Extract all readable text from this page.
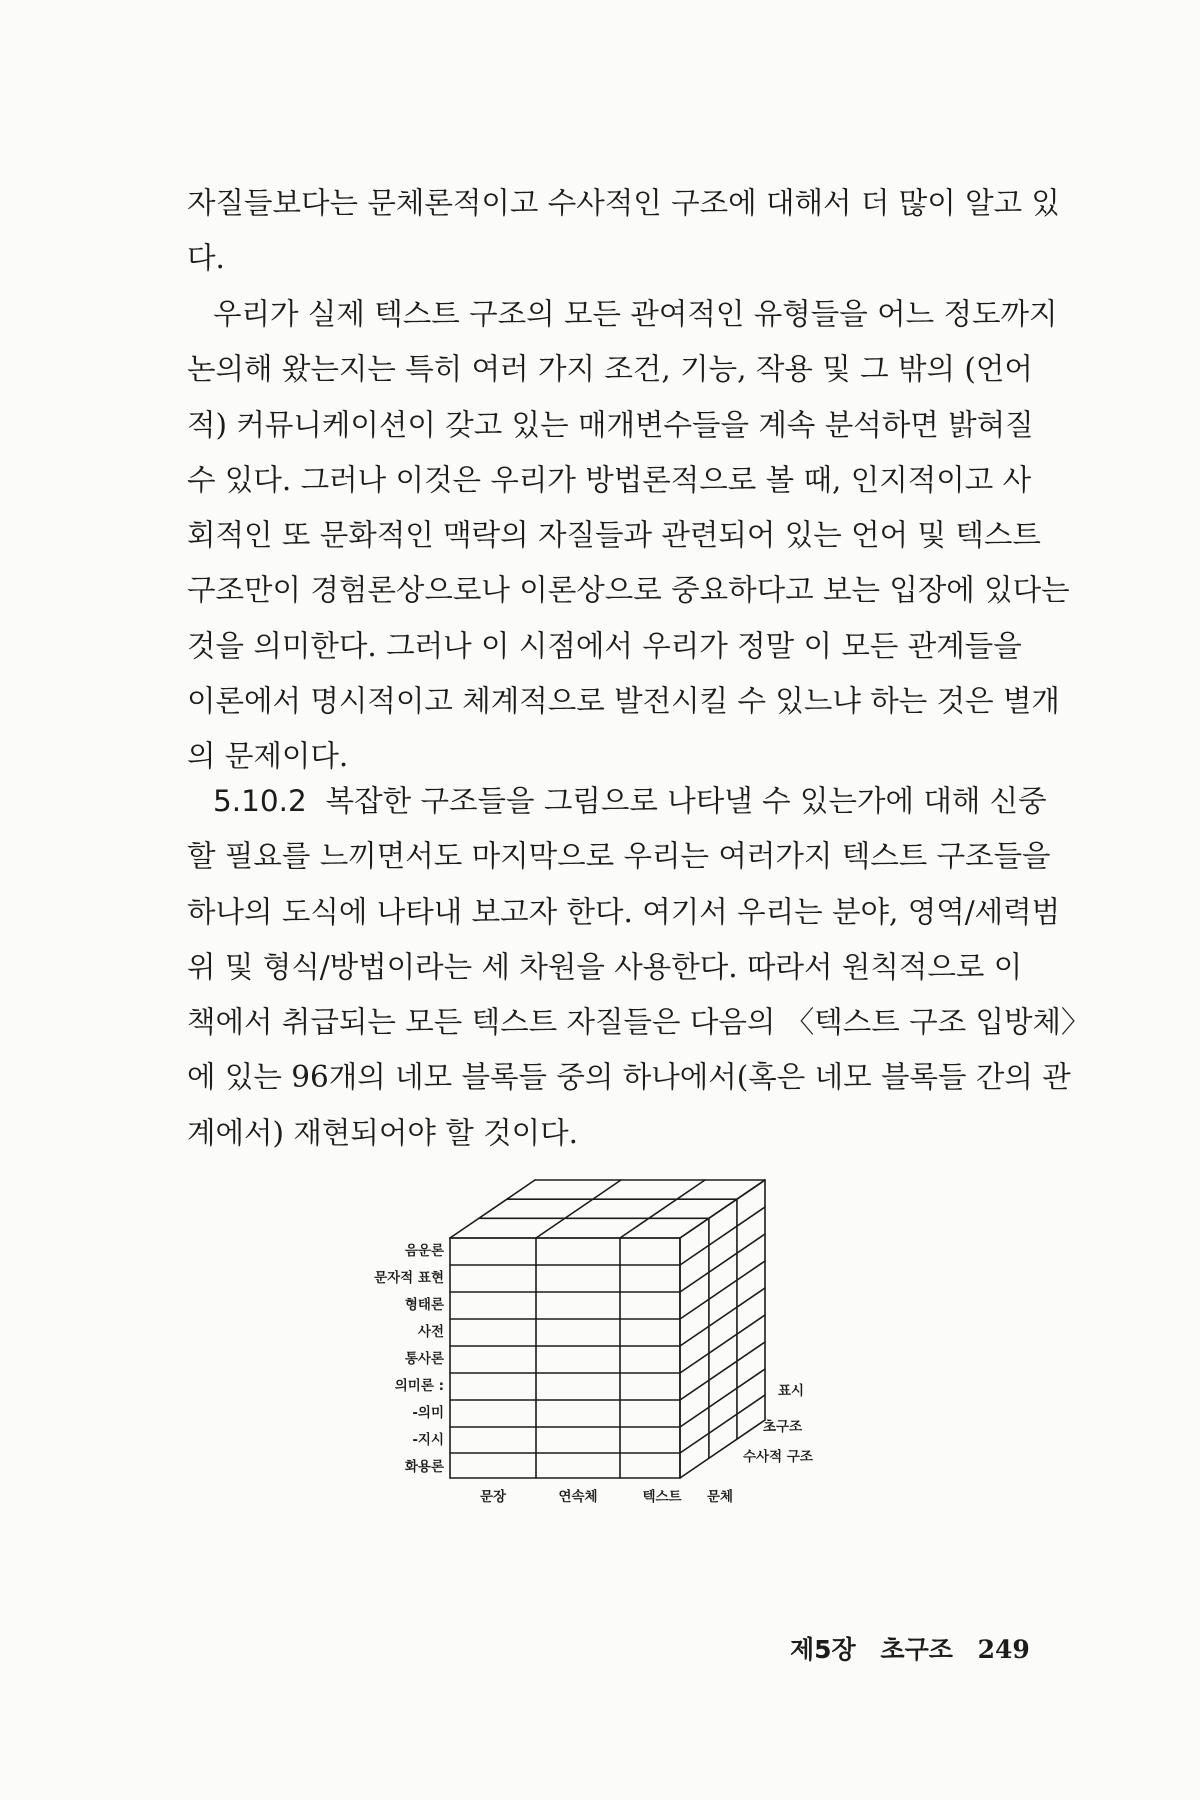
자질들보다는 문체론적이고 수사적인 구조에 대해서 더 많이 알고 있
다.
우리가 실제 텍스트 구조의 모든 관여적인 유형들을 어느 정도까지
논의해 왔는지는 특히 여러 가지 조건, 기능, 작용 및 그 밖의 (언어
적) 커뮤니케이션이 갖고 있는 매개변수들을 계속 분석하면 밝혀질
수 있다. 그러나 이것은 우리가 방법론적으로 볼 때, 인지적이고 사
회적인 또 문화적인 맥락의 자질들과 관련되어 있는 언어 및 텍스트
구조만이 경험론상으로나 이론상으로 중요하다고 보는 입장에 있다는
것을 의미한다. 그러나 이 시점에서 우리가 정말 이 모든 관계들을
이론에서 명시적이고 체계적으로 발전시킬 수 있느냐 하는 것은 별개
의 문제이다.
5.10.2 복잡한 구조들을 그림으로 나타낼 수 있는가에 대해 신중
할 필요를 느끼면서도 마지막으로 우리는 여러가지 텍스트 구조들을
하나의 도식에 나타내 보고자 한다. 여기서 우리는 분야, 영역/세력범
위 및 형식/방법이라는 세 차원을 사용한다. 따라서 원칙적으로 이
책에서 취급되는 모든 텍스트 자질들은 다음의 〈텍스트 구조 입방체〉
에 있는 96개의 네모 블록들 중의 하나에서(혹은 네모 블록들 간의 관
계에서) 재현되어야 할 것이다.
음운론
문자적 표현
형태론
사전
통사론
의미론 :
-의미
-지시
화용론
문장	연속체	텍스트 문체
표시
초구조
수사적 구조
제5장 초구조 249
